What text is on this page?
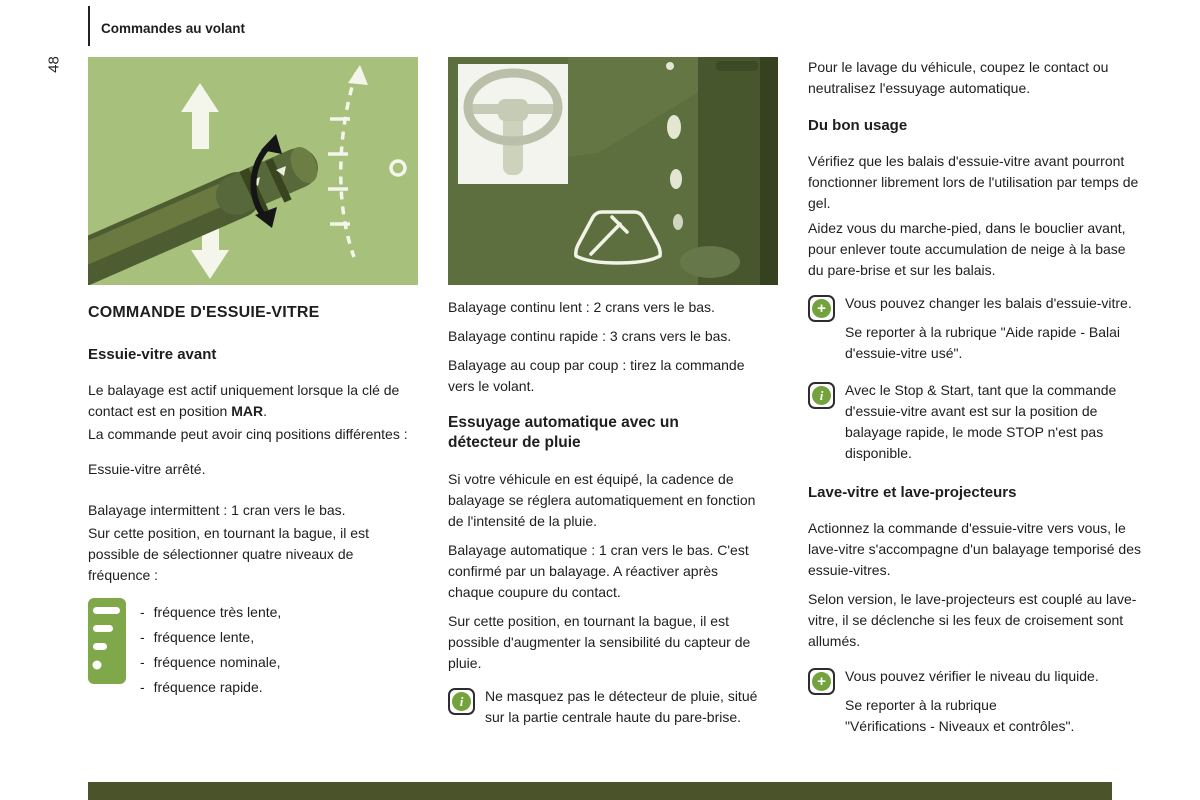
48
Commandes au volant
COMMANDE D'ESSUIE-VITRE
Essuie-vitre avant

Le balayage est actif uniquement lorsque la clé de contact est en position MAR.

La commande peut avoir cinq positions différentes :

Essuie-vitre arrêté.

Balayage intermittent : 1 cran vers le bas.

Sur cette position, en tournant la bague, il est possible de sélectionner quatre niveaux de fréquence :

- fréquence très lente,
- fréquence lente,
- fréquence nominale,
- fréquence rapide.

Balayage continu lent : 2 crans vers le bas.

Balayage continu rapide : 3 crans vers le bas.

Balayage au coup par coup : tirez la commande vers le volant.

Essuyage automatique avec un détecteur de pluie

Si votre véhicule en est équipé, la cadence de balayage se réglera automatiquement en fonction de l'intensité de la pluie.

Balayage automatique : 1 cran vers le bas. C'est confirmé par un balayage. A réactiver après chaque coupure du contact.

Sur cette position, en tournant la bague, il est possible d'augmenter la sensibilité du capteur de pluie.

i	Ne masquez pas le détecteur de pluie, situé sur la partie centrale haute du pare-brise.

Pour le lavage du véhicule, coupez le contact ou neutralisez l'essuyage automatique.

Du bon usage

Vérifiez que les balais d'essuie-vitre avant pourront fonctionner librement lors de l'utilisation par temps de gel.

Aidez vous du marche-pied, dans le bouclier avant, pour enlever toute accumulation de neige à la base du pare-brise et sur les balais.

+	Vous pouvez changer les balais d'essuie-vitre.

Se reporter à la rubrique "Aide rapide - Balai d'essuie-vitre usé".

i	Avec le Stop & Start, tant que la commande d'essuie-vitre avant est sur la position de balayage rapide, le mode STOP n'est pas disponible.

Lave-vitre et lave-projecteurs

Actionnez la commande d'essuie-vitre vers vous, le lave-vitre s'accompagne d'un balayage temporisé des essuie-vitres.

Selon version, le lave-projecteurs est couplé au lave-vitre, il se déclenche si les feux de croisement sont allumés.

+	Vous pouvez vérifier le niveau du liquide.

Se reporter à la rubrique

"Vérifications - Niveaux et contrôles".
